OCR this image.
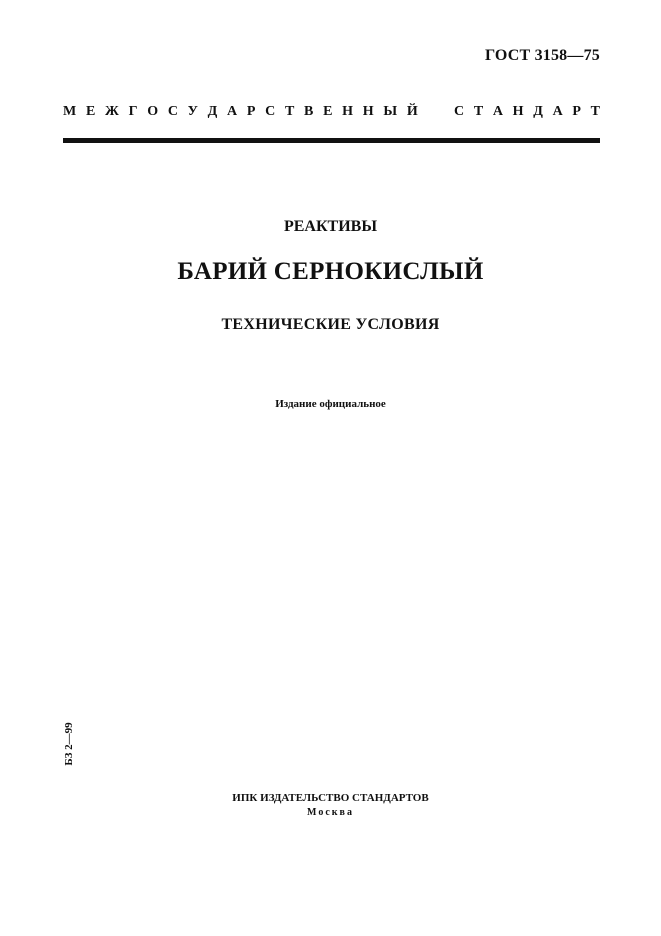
ГОСТ 3158—75
М Е Ж Г О С У Д А Р С Т В Е Н Н Ы Й	С Т А Н Д А Р Т
РЕАКТИВЫ
БАРИЙ СЕРНОКИСЛЫЙ
ТЕХНИЧЕСКИЕ УСЛОВИЯ
Издание официальное
БЗ 2—99
ИПК ИЗДАТЕЛЬСТВО СТАНДАРТОВ
Москва
